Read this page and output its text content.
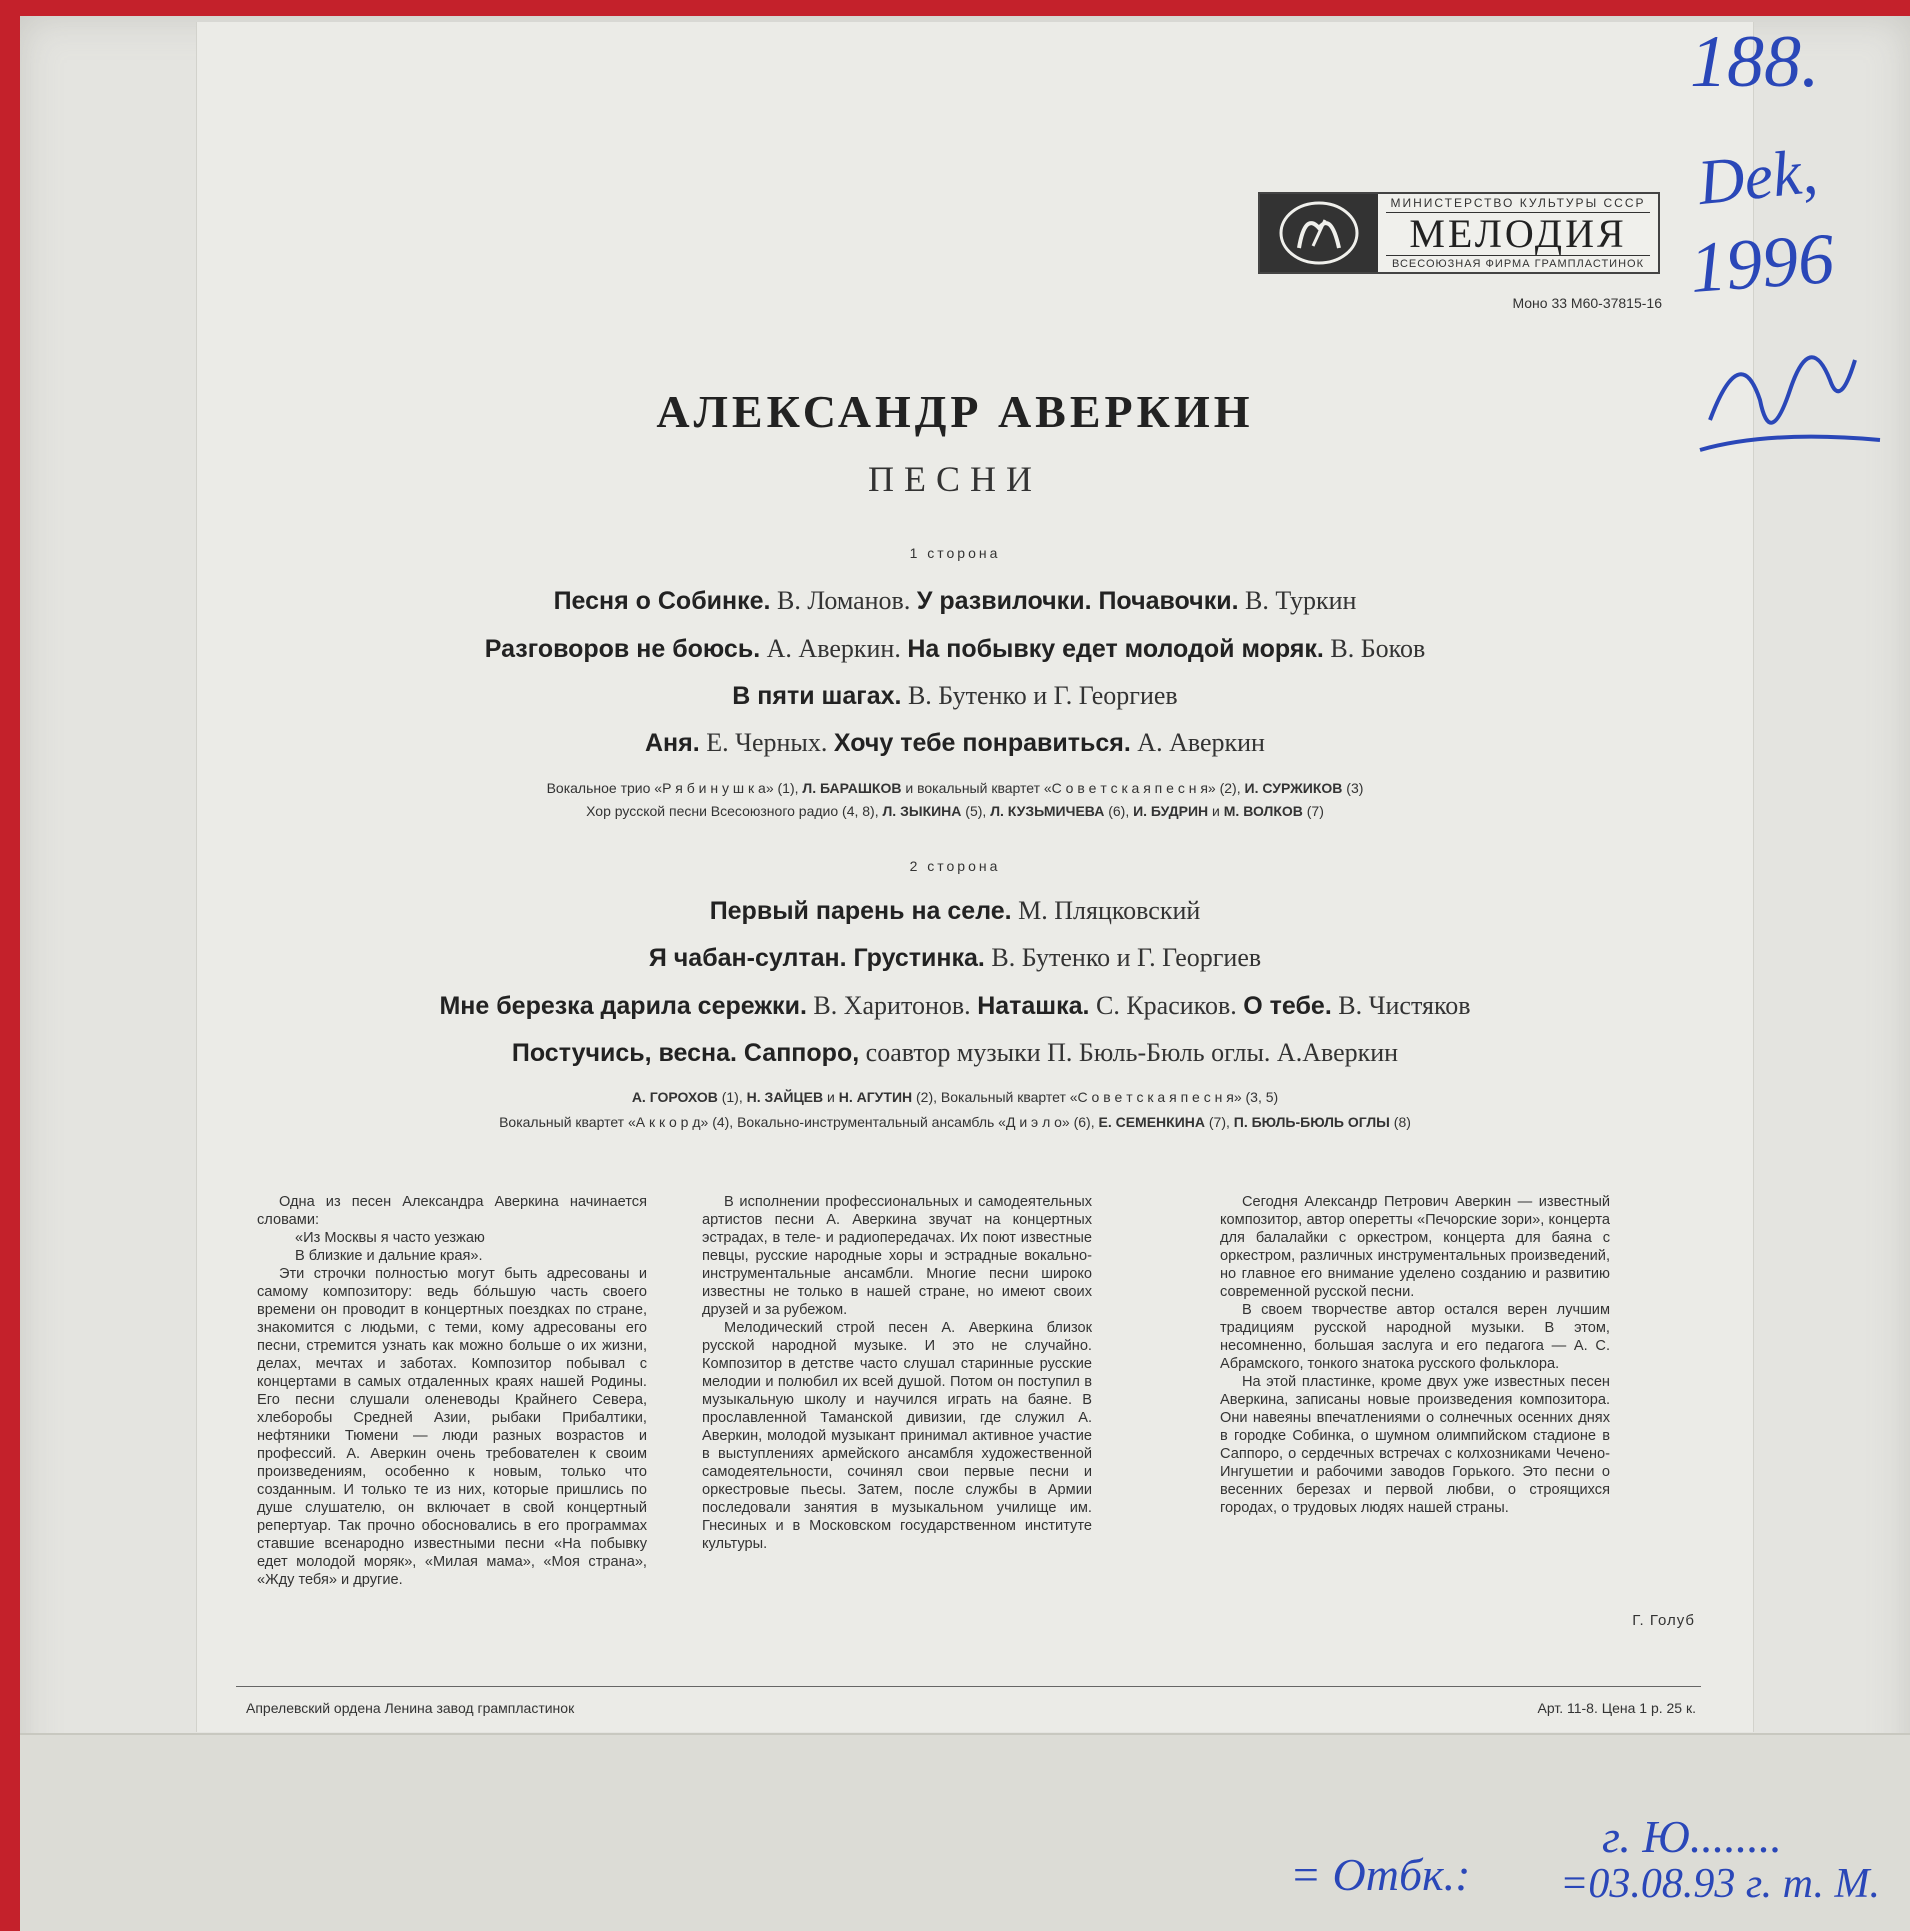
МИНИСТЕРСТВО КУЛЬТУРЫ СССР
МЕЛОДИЯ
ВСЕСОЮЗНАЯ ФИРМА ГРАМПЛАСТИНОК
Моно 33 М60-37815-16
АЛЕКСАНДР АВЕРКИН
ПЕСНИ
1 сторона
Песня о Собинке. В. Ломанов. У развилочки. Почавочки. В. Туркин
Разговоров не боюсь. А. Аверкин. На побывку едет молодой моряк. В. Боков
В пяти шагах. В. Бутенко и Г. Георгиев
Аня. Е. Черных. Хочу тебе понравиться. А. Аверкин
Вокальное трио «Р я б и н у ш к а» (1), Л. БАРАШКОВ и вокальный квартет «С о в е т с к а я п е с н я» (2), И. СУРЖИКОВ (3)
Хор русской песни Всесоюзного радио (4, 8), Л. ЗЫКИНА (5), Л. КУЗЬМИЧЕВА (6), И. БУДРИН и М. ВОЛКОВ (7)
2 сторона
Первый парень на селе. М. Пляцковский
Я чабан-султан. Грустинка. В. Бутенко и Г. Георгиев
Мне березка дарила сережки. В. Харитонов. Наташка. С. Красиков. О тебе. В. Чистяков
Постучись, весна. Саппоро, соавтор музыки П. Бюль-Бюль оглы. А.Аверкин
А. ГОРОХОВ (1), Н. ЗАЙЦЕВ и Н. АГУТИН (2), Вокальный квартет «С о в е т с к а я п е с н я» (3, 5)
Вокальный квартет «А к к о р д» (4), Вокально-инструментальный ансамбль «Д и э л о» (6), Е. СЕМЕНКИНА (7), П. БЮЛЬ-БЮЛЬ ОГЛЫ (8)

Одна из песен Александра Аверкина начинается словами:

«Из Москвы я часто уезжаю

В близкие и дальние края».

Эти строчки полностью могут быть адресованы и самому композитору: ведь бо́льшую часть своего времени он проводит в концертных поездках по стране, знакомится с людьми, с теми, кому адресованы его песни, стремится узнать как можно больше о их жизни, делах, мечтах и заботах. Композитор побывал с концертами в самых отдаленных краях нашей Родины. Его песни слушали оленеводы Крайнего Севера, хлеборобы Средней Азии, рыбаки Прибалтики, нефтяники Тюмени — люди разных возрастов и профессий. А. Аверкин очень требователен к своим произведениям, особенно к новым, только что созданным. И только те из них, которые пришлись по душе слушателю, он включает в свой концертный репертуар. Так прочно обосновались в его программах ставшие всенародно известными песни «На побывку едет молодой моряк», «Милая мама», «Моя страна», «Жду тебя» и другие.

В исполнении профессиональных и самодеятельных артистов песни А. Аверкина звучат на концертных эстрадах, в теле- и радиопередачах. Их поют известные певцы, русские народные хоры и эстрадные вокально-инструментальные ансамбли. Многие песни широко известны не только в нашей стране, но имеют своих друзей и за рубежом.

Мелодический строй песен А. Аверкина близок русской народной музыке. И это не случайно. Композитор в детстве часто слушал старинные русские мелодии и полюбил их всей душой. Потом он поступил в музыкальную школу и научился играть на баяне. В прославленной Таманской дивизии, где служил А. Аверкин, молодой музыкант принимал активное участие в выступлениях армейского ансамбля художественной самодеятельности, сочинял свои первые песни и оркестровые пьесы. Затем, после службы в Армии последовали занятия в музыкальном училище им. Гнесиных и в Московском государственном институте культуры.

Сегодня Александр Петрович Аверкин — известный композитор, автор оперетты «Печорские зори», концерта для балалайки с оркестром, концерта для баяна с оркестром, различных инструментальных произведений, но главное его внимание уделено созданию и развитию современной русской песни.

В своем творчестве автор остался верен лучшим традициям русской народной музыки. В этом, несомненно, большая заслуга и его педагога — А. С. Абрамского, тонкого знатока русского фольклора.

На этой пластинке, кроме двух уже известных песен Аверкина, записаны новые произведения композитора. Они навеяны впечатлениями о солнечных осенних днях в городке Собинка, о шумном олимпийском стадионе в Саппоро, о сердечных встречах с колхозниками Чечено-Ингушетии и рабочими заводов Горького. Это песни о весенних березах и первой любви, о строящихся городах, о трудовых людях нашей страны.

Г. Голуб
Апрелевский ордена Ленина завод грампластинок	Арт. 11-8. Цена 1 р. 25 к.
188.
Dek,
1996
г. Ю........
= Отбк.: =03.08.93 г. т. М.
